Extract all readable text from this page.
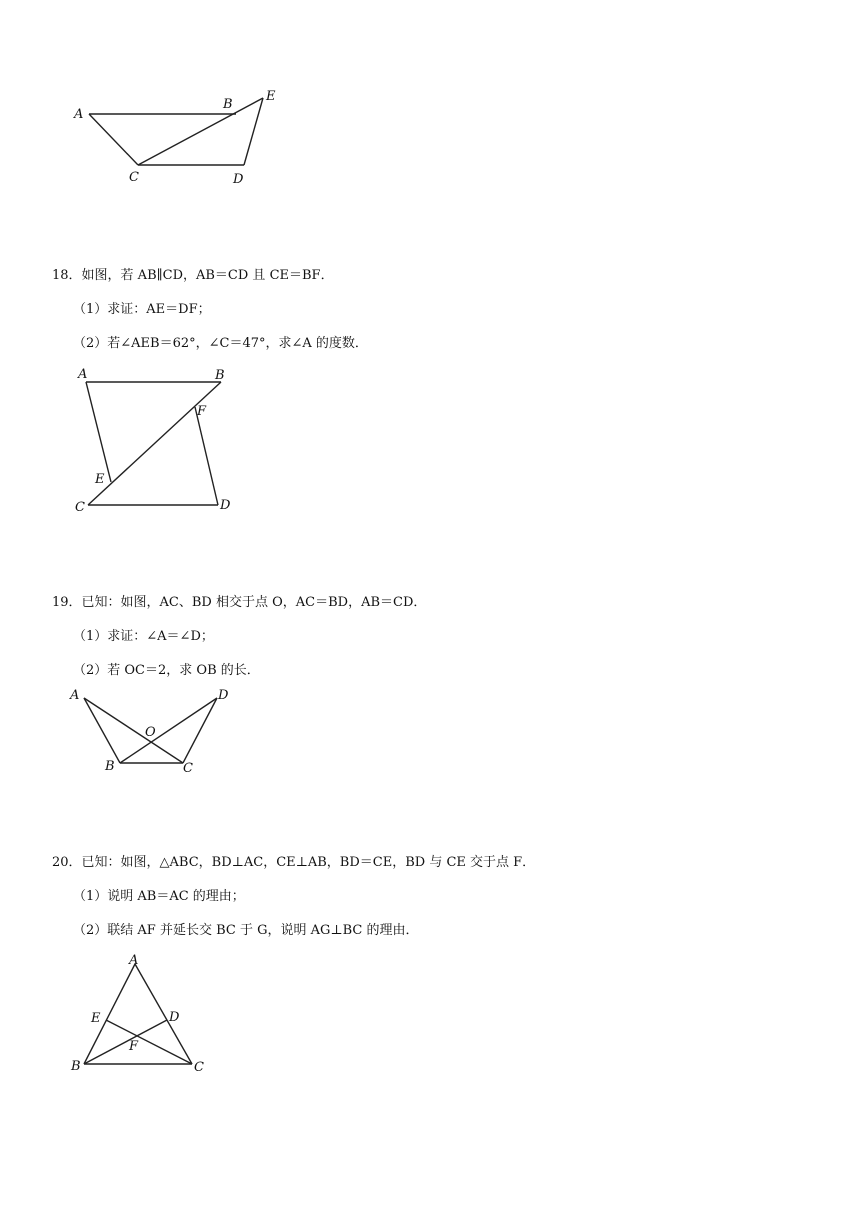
A
B
E
C	D
18．如图，若 AB∥CD，AB＝CD 且 CE＝BF．
（1）求证：AE＝DF；
（2）若∠AEB＝62°，∠C＝47°，求∠A 的度数．
A	B
F
E
C	D
19．已知：如图，AC、BD 相交于点 O，AC＝BD，AB＝CD．
（1）求证：∠A＝∠D；
（2）若 OC＝2，求 OB 的长．
A	D
O
B	C
20．已知：如图，△ABC，BD⊥AC，CE⊥AB，BD＝CE，BD 与 CE 交于点 F．
（1）说明 AB＝AC 的理由；
（2）联结 AF 并延长交 BC 于 G，说明 AG⊥BC 的理由．
A
E	D
F
B	C
